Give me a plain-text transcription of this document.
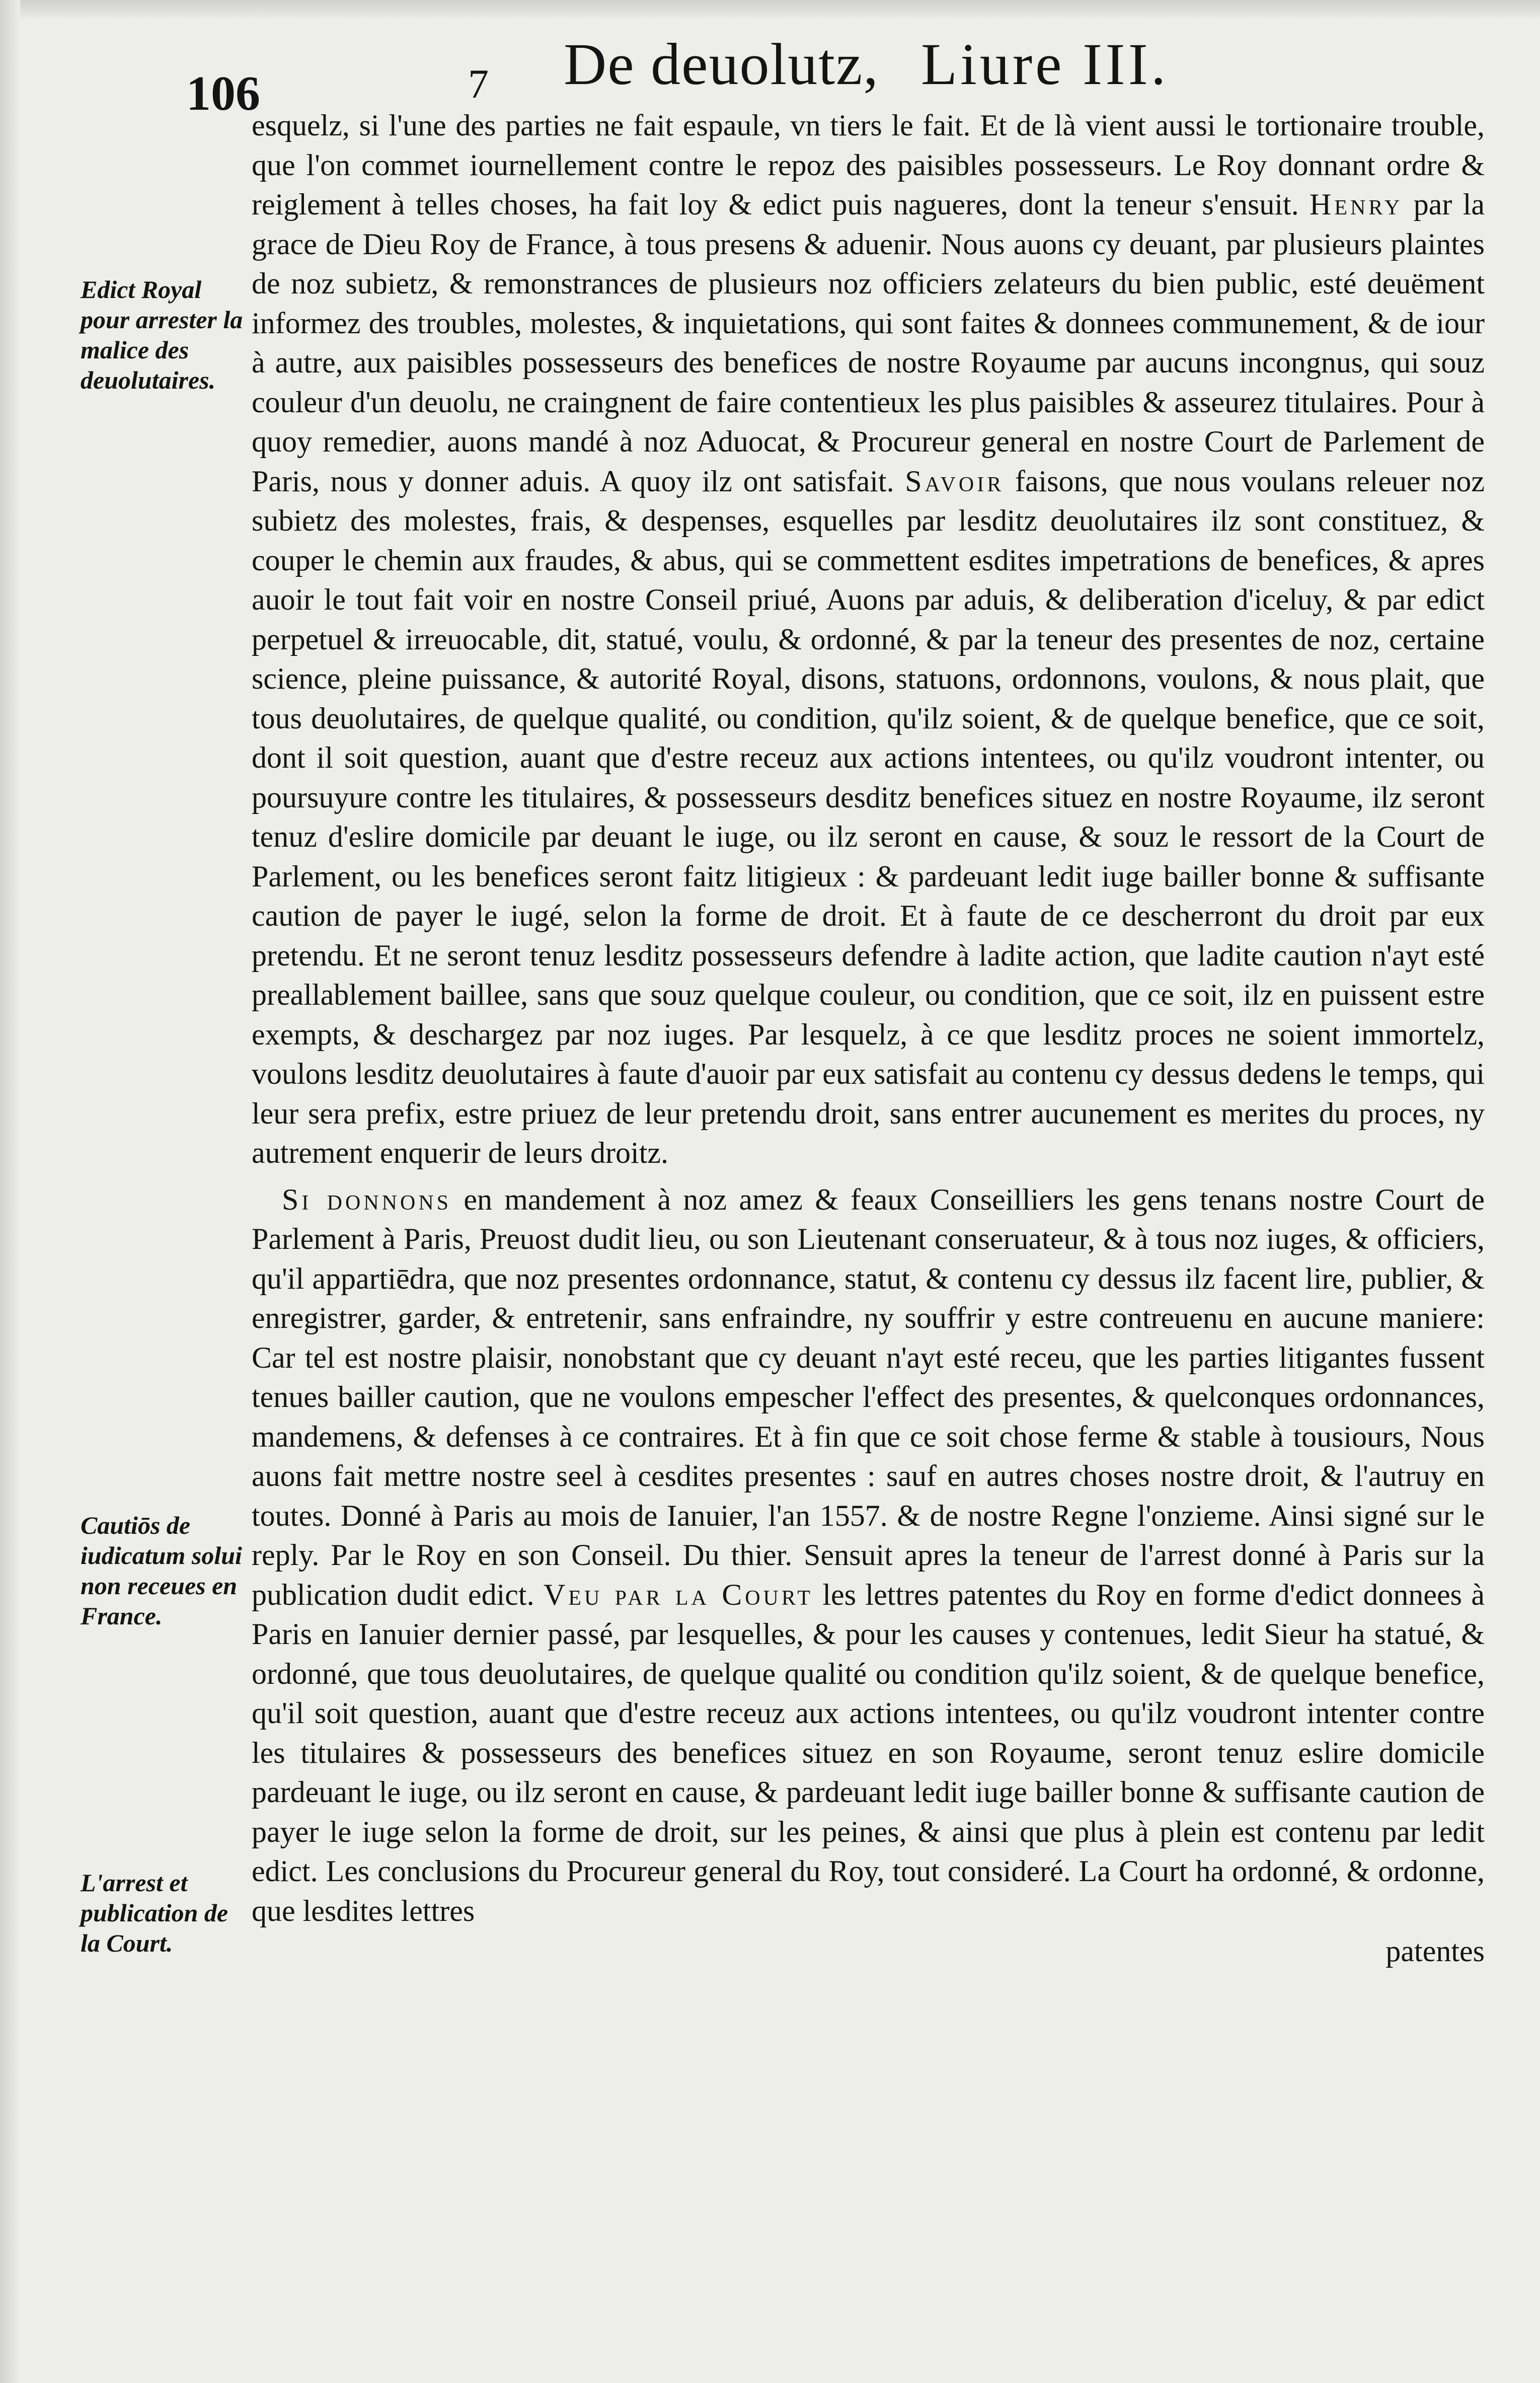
106	7 De deuolutz, Liure III.

Edict Royal pour arrester la malice des deuolutaires.

Cautiōs de iudicatum solui non receues en France.

L'arrest et publication de la Court.

esquelz, si l'une des parties ne fait espaule, vn tiers le fait. Et de là vient aussi le tortionaire trouble, que l'on commet iournellement contre le repoz des paisibles possesseurs. Le Roy donnant ordre & reiglement à telles choses, ha fait loy & edict puis nagueres, dont la teneur s'ensuit. Henry par la grace de Dieu Roy de France, à tous presens & aduenir. Nous auons cy deuant, par plusieurs plaintes de noz subietz, & remonstrances de plusieurs noz officiers zelateurs du bien public, esté deuëment informez des troubles, molestes, & inquietations, qui sont faites & donnees communement, & de iour à autre, aux paisibles possesseurs des benefices de nostre Royaume par aucuns incongnus, qui souz couleur d'un deuolu, ne craingnent de faire contentieux les plus paisibles & asseurez titulaires. Pour à quoy remedier, auons mandé à noz Aduocat, & Procureur general en nostre Court de Parlement de Paris, nous y donner aduis. A quoy ilz ont satisfait. Savoir faisons, que nous voulans releuer noz subietz des molestes, frais, & despenses, esquelles par lesditz deuolutaires ilz sont constituez, & couper le chemin aux fraudes, & abus, qui se commettent esdites impetrations de benefices, & apres auoir le tout fait voir en nostre Conseil priué, Auons par aduis, & deliberation d'iceluy, & par edict perpetuel & irreuocable, dit, statué, voulu, & ordonné, & par la teneur des presentes de noz, certaine science, pleine puissance, & autorité Royal, disons, statuons, ordonnons, voulons, & nous plait, que tous deuolutaires, de quelque qualité, ou condition, qu'ilz soient, & de quelque benefice, que ce soit, dont il soit question, auant que d'estre receuz aux actions intentees, ou qu'ilz voudront intenter, ou poursuyure contre les titulaires, & possesseurs desditz benefices situez en nostre Royaume, ilz seront tenuz d'eslire domicile par deuant le iuge, ou ilz seront en cause, & souz le ressort de la Court de Parlement, ou les benefices seront faitz litigieux : & pardeuant ledit iuge bailler bonne & suffisante caution de payer le iugé, selon la forme de droit. Et à faute de ce descherront du droit par eux pretendu. Et ne seront tenuz lesditz possesseurs defendre à ladite action, que ladite caution n'ayt esté preallablement baillee, sans que souz quelque couleur, ou condition, que ce soit, ilz en puissent estre exempts, & deschargez par noz iuges. Par lesquelz, à ce que lesditz proces ne soient immortelz, voulons lesditz deuolutaires à faute d'auoir par eux satisfait au contenu cy dessus dedens le temps, qui leur sera prefix, estre priuez de leur pretendu droit, sans entrer aucunement es merites du proces, ny autrement enquerir de leurs droitz.

Si donnons en mandement à noz amez & feaux Conseilliers les gens tenans nostre Court de Parlement à Paris, Preuost dudit lieu, ou son Lieutenant conseruateur, & à tous noz iuges, & officiers, qu'il appartiēdra, que noz presentes ordonnance, statut, & contenu cy dessus ilz facent lire, publier, & enregistrer, garder, & entretenir, sans enfraindre, ny souffrir y estre contreuenu en aucune maniere: Car tel est nostre plaisir, nonobstant que cy deuant n'ayt esté receu, que les parties litigantes fussent tenues bailler caution, que ne voulons empescher l'effect des presentes, & quelconques ordonnances, mandemens, & defenses à ce contraires. Et à fin que ce soit chose ferme & stable à tousiours, Nous auons fait mettre nostre seel à cesdites presentes : sauf en autres choses nostre droit, & l'autruy en toutes. Donné à Paris au mois de Ianuier, l'an 1557. & de nostre Regne l'onzieme. Ainsi signé sur le reply. Par le Roy en son Conseil. Du thier. Sensuit apres la teneur de l'arrest donné à Paris sur la publication dudit edict. Veu par la Court les lettres patentes du Roy en forme d'edict donnees à Paris en Ianuier dernier passé, par lesquelles, & pour les causes y contenues, ledit Sieur ha statué, & ordonné, que tous deuolutaires, de quelque qualité ou condition qu'ilz soient, & de quelque benefice, qu'il soit question, auant que d'estre receuz aux actions intentees, ou qu'ilz voudront intenter contre les titulaires & possesseurs des benefices situez en son Royaume, seront tenuz eslire domicile pardeuant le iuge, ou ilz seront en cause, & pardeuant ledit iuge bailler bonne & suffisante caution de payer le iuge selon la forme de droit, sur les peines, & ainsi que plus à plein est contenu par ledit edict. Les conclusions du Procureur general du Roy, tout consideré. La Court ha ordonné, & ordonne, que lesdites lettres

patentes
